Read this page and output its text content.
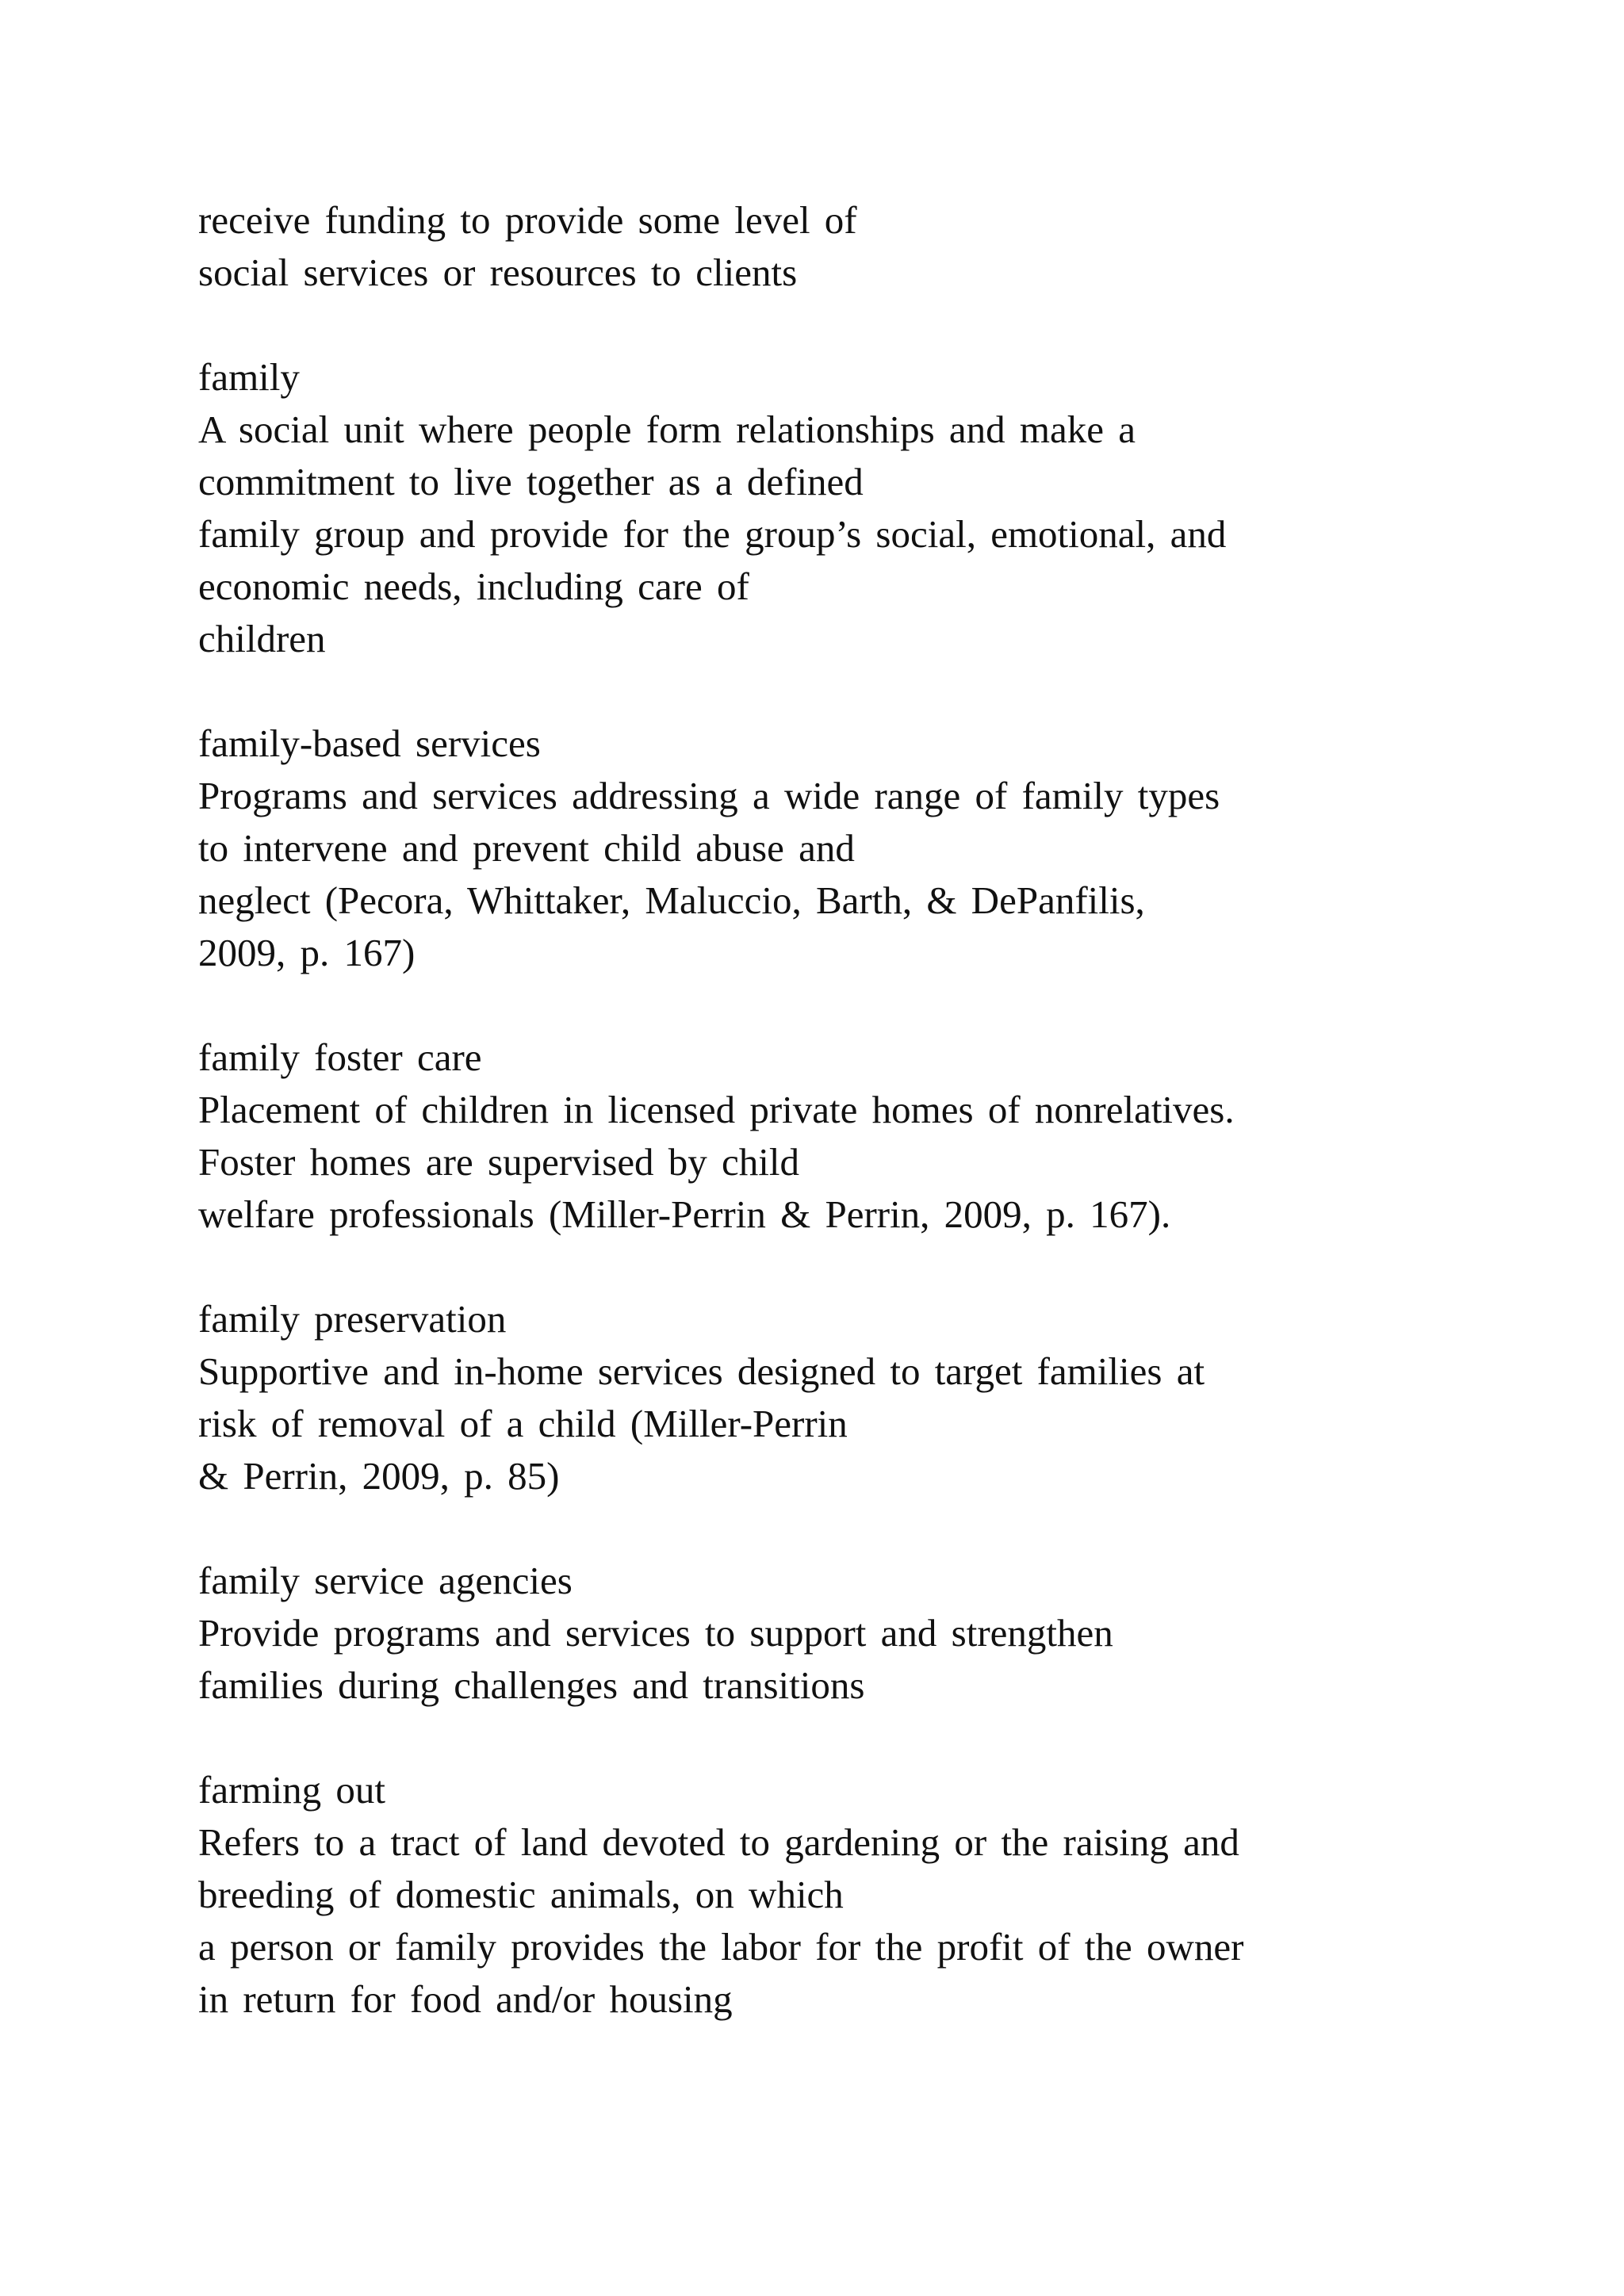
receive funding to provide some level of
social services or resources to clients
family
A social unit where people form relationships and make a
commitment to live together as a defined
family group and provide for the group’s social, emotional, and
economic needs, including care of
children
family-based services
Programs and services addressing a wide range of family types
to intervene and prevent child abuse and
neglect (Pecora, Whittaker, Maluccio, Barth, & DePanfilis,
2009, p. 167)
family foster care
Placement of children in licensed private homes of nonrelatives.
Foster homes are supervised by child
welfare professionals (Miller-Perrin & Perrin, 2009, p. 167).
family preservation
Supportive and in-home services designed to target families at
risk of removal of a child (Miller-Perrin
& Perrin, 2009, p. 85)
family service agencies
Provide programs and services to support and strengthen
families during challenges and transitions
farming out
Refers to a tract of land devoted to gardening or the raising and
breeding of domestic animals, on which
a person or family provides the labor for the profit of the owner
in return for food and/or housing
